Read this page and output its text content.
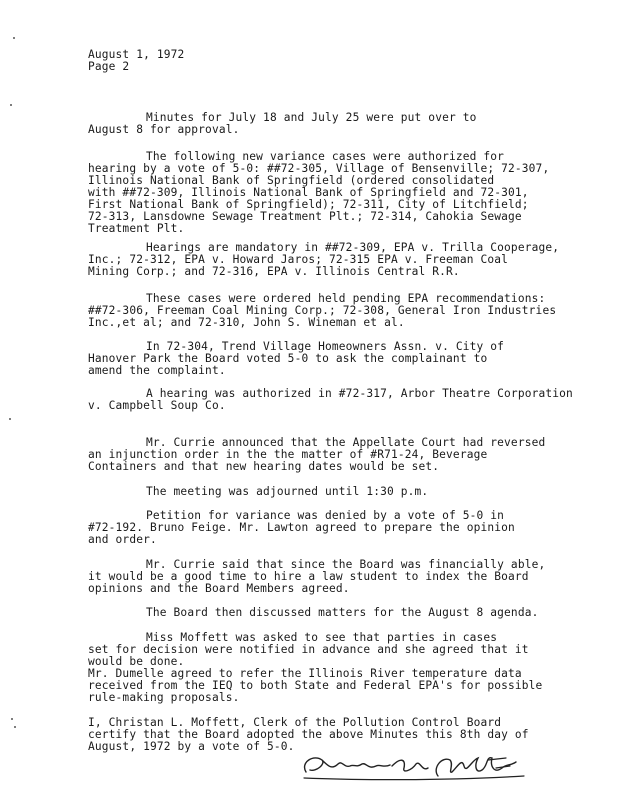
August 1, 1972
Page 2
Minutes for July 18 and July 25 were put over to
August 8 for approval.
The following new variance cases were authorized for
hearing by a vote of 5-0: ##72-305, Village of Bensenville; 72-307,
Illinois National Bank of Springfield (ordered consolidated
with ##72-309, Illinois National Bank of Springfield and 72-301,
First National Bank of Springfield); 72-311, City of Litchfield;
72-313, Lansdowne Sewage Treatment Plt.; 72-314, Cahokia Sewage
Treatment Plt.
Hearings are mandatory in ##72-309, EPA v. Trilla Cooperage,
Inc.; 72-312, EPA v. Howard Jaros; 72-315 EPA v. Freeman Coal
Mining Corp.; and 72-316, EPA v. Illinois Central R.R.
These cases were ordered held pending EPA recommendations:
##72-306, Freeman Coal Mining Corp.; 72-308, General Iron Industries
Inc.,et al; and 72-310, John S. Wineman et al.
In 72-304, Trend Village Homeowners Assn. v. City of
Hanover Park the Board voted 5-0 to ask the complainant to
amend the complaint.
A hearing was authorized in #72-317, Arbor Theatre Corporation
v. Campbell Soup Co.
Mr. Currie announced that the Appellate Court had reversed
an injunction order in the the matter of #R71-24, Beverage
Containers and that new hearing dates would be set.
The meeting was adjourned until 1:30 p.m.
Petition for variance was denied by a vote of 5-0 in
#72-192. Bruno Feige. Mr. Lawton agreed to prepare the opinion
and order.
Mr. Currie said that since the Board was financially able,
it would be a good time to hire a law student to index the Board
opinions and the Board Members agreed.
The Board then discussed matters for the August 8 agenda.
Miss Moffett was asked to see that parties in cases
set for decision were notified in advance and she agreed that it
would be done.
Mr. Dumelle agreed to refer the Illinois River temperature data
received from the IEQ to both State and Federal EPA's for possible
rule-making proposals.
I, Christan L. Moffett, Clerk of the Pollution Control Board
certify that the Board adopted the above Minutes this 8th day of
August, 1972 by a vote of 5-0.
